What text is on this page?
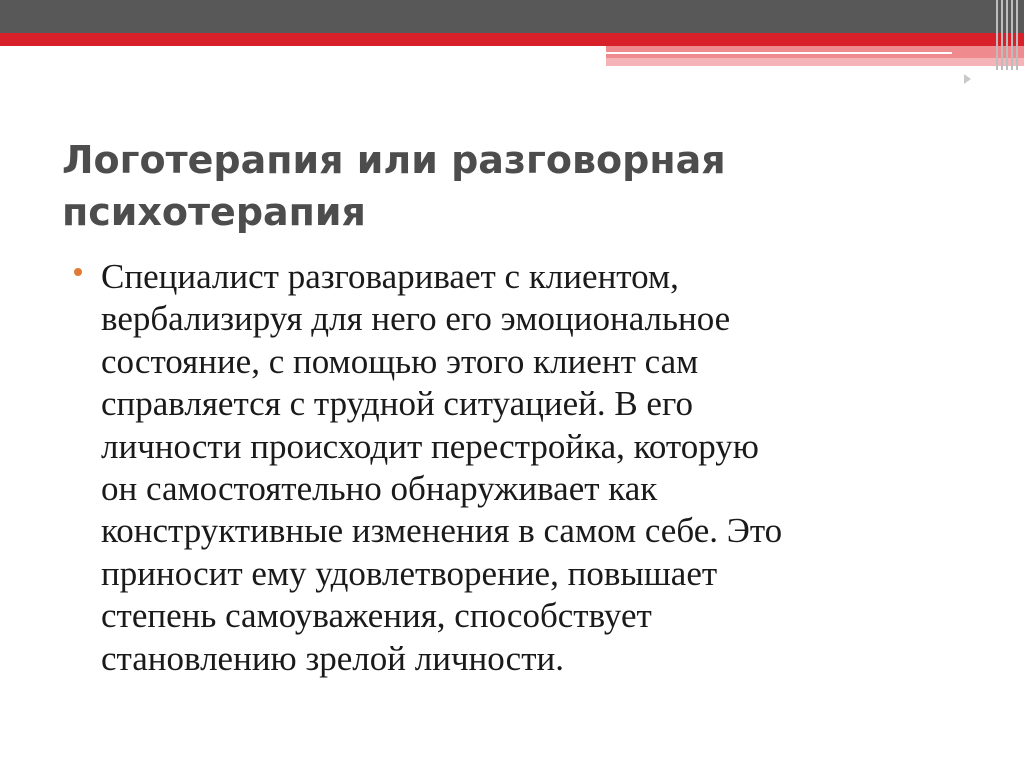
Логотерапия или разговорная
психотерапия

Специалист разговаривает с клиентом,
вербализируя для него его эмоциональное
состояние, с помощью этого клиент сам
справляется с трудной ситуацией. В его
личности происходит перестройка, которую
он самостоятельно обнаруживает как
конструктивные изменения в самом себе. Это
приносит ему удовлетворение, повышает
степень самоуважения, способствует
становлению зрелой личности.
